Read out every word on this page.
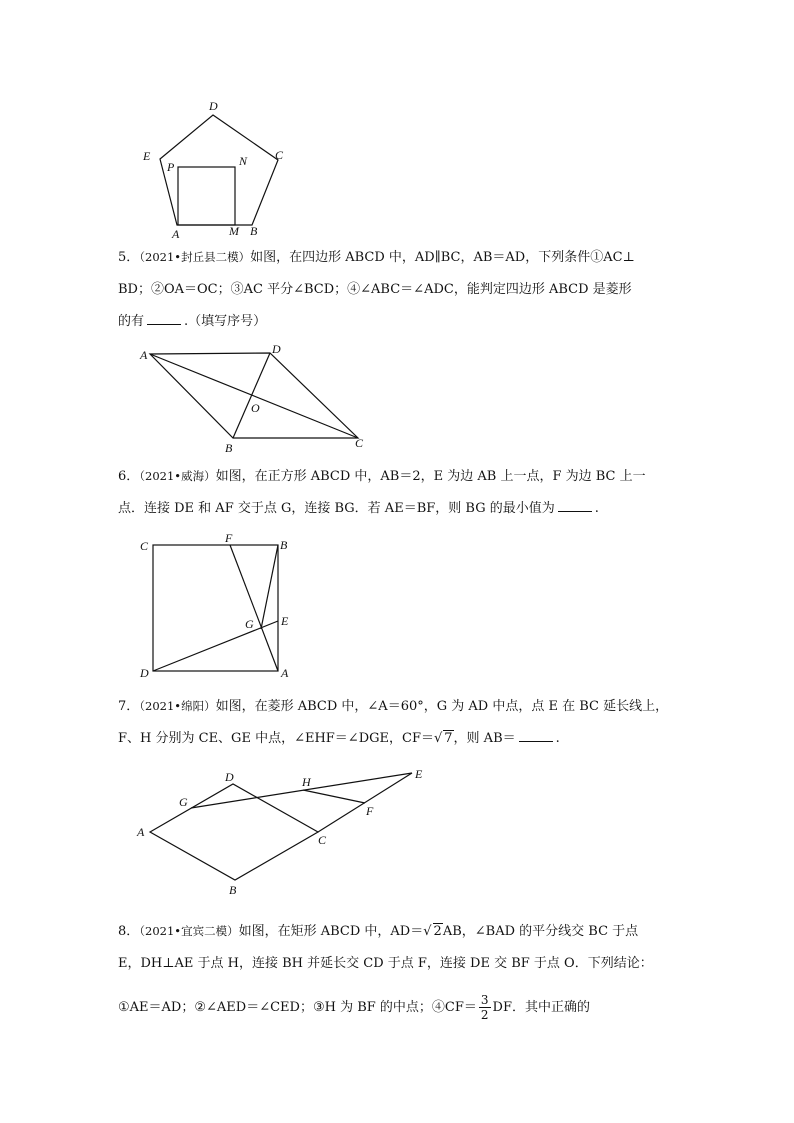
D
E	C
P	N
A	M B

5．（2021•封丘县二模）如图，在四边形 ABCD 中，AD∥BC，AB＝AD，下列条件①AC⊥

BD；②OA＝OC；③AC 平分∠BCD；④∠ABC＝∠ADC，能判定四边形 ABCD 是菱形

的有	.（填写序号）

A	D
O
B	C

6．（2021•威海）如图，在正方形 ABCD 中，AB＝2，E 为边 AB 上一点，F 为边 BC 上一

点．连接 DE 和 AF 交于点 G，连接 BG．若 AE＝BF，则 BG 的最小值为	.

C
F	B
G E
D	A

7．（2021•绵阳）如图，在菱形 ABCD 中，∠A＝60°，G 为 AD 中点，点 E 在 BC 延长线上，

F、H 分别为 CE、GE 中点，∠EHF＝∠DGE，CF＝√ 7，则 AB＝	.

D	H
E
G
F
A
C
B

8．（2021•宜宾二模）如图，在矩形 ABCD 中，AD＝√ 2AB，∠BAD 的平分线交 BC 于点

E，DH⊥AE 于点 H，连接 BH 并延长交 CD 于点 F，连接 DE 交 BF 于点 O．下列结论：

①AE＝AD；②∠AED＝∠CED；③H 为 BF 的中点；④CF＝ $\frac{3}{2}$ DF．其中正确的
